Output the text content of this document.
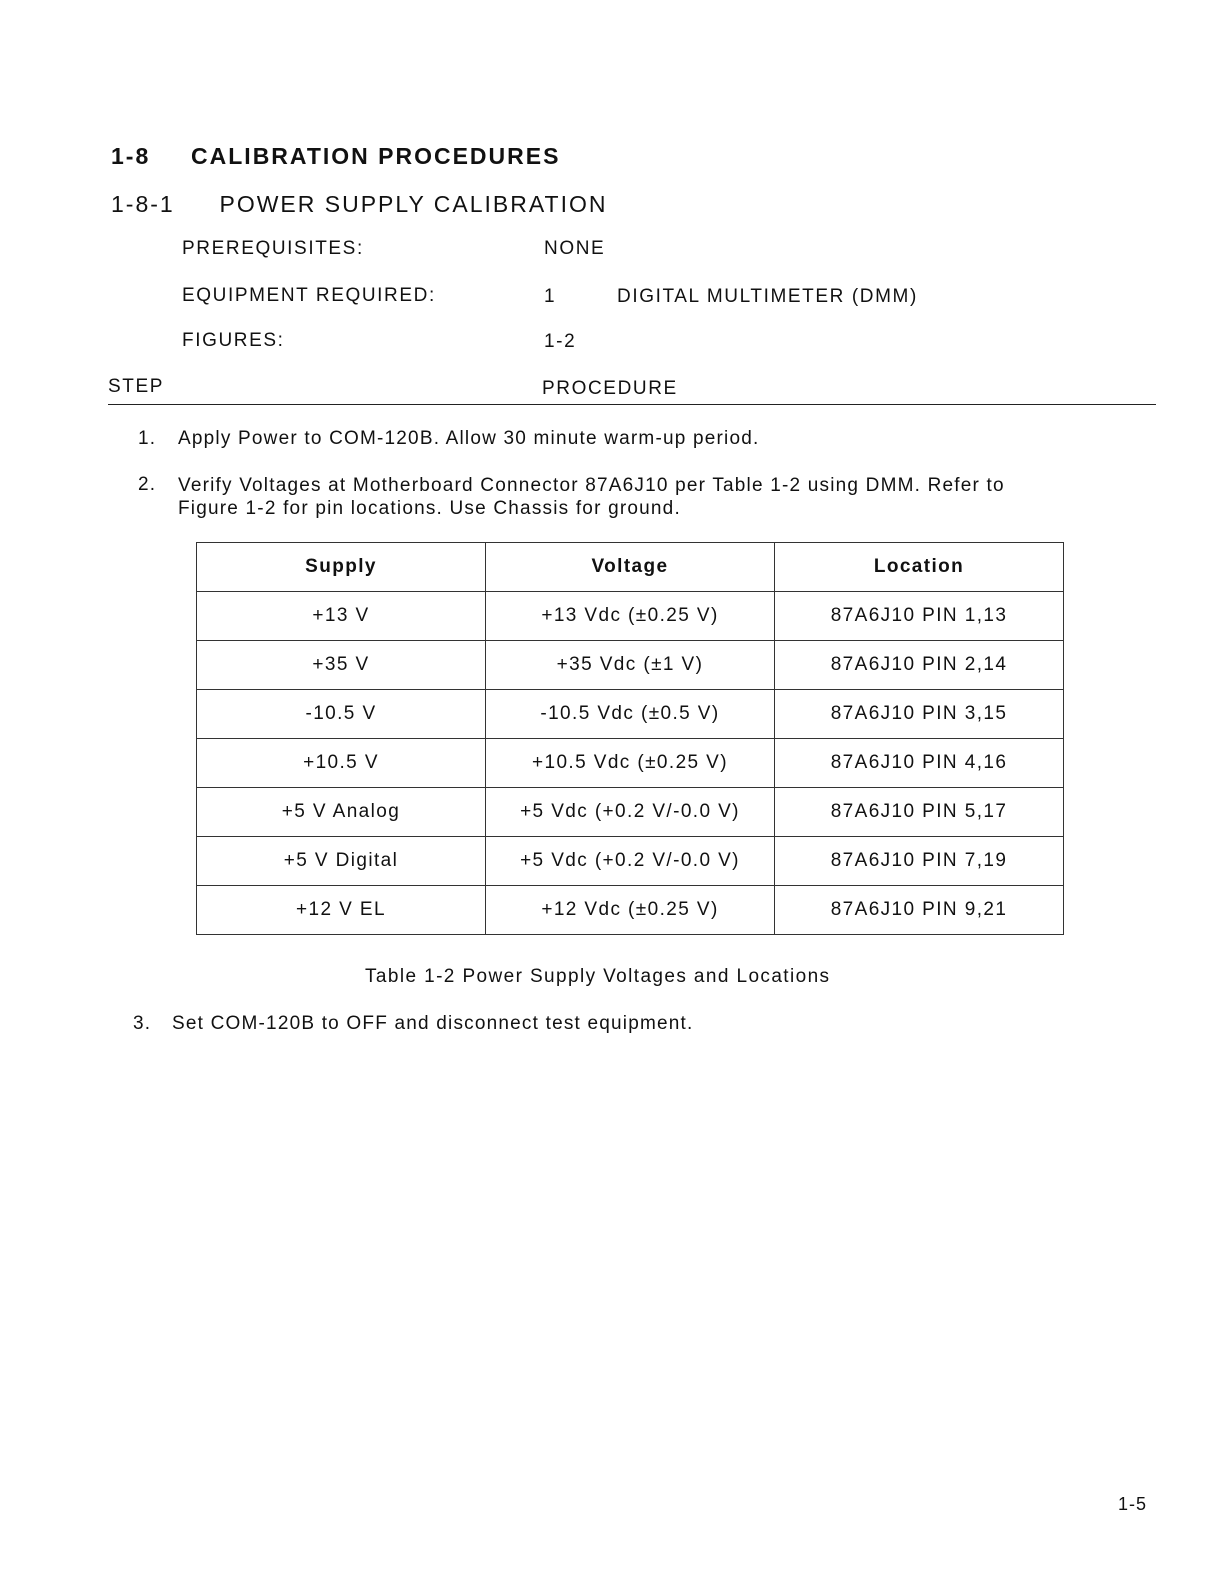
1-8 CALIBRATION PROCEDURES
1-8-1 POWER SUPPLY CALIBRATION
PREREQUISITES:	NONE
EQUIPMENT REQUIRED:	1	DIGITAL MULTIMETER (DMM)
FIGURES:	1-2
STEP	PROCEDURE
1. Apply Power to COM-120B. Allow 30 minute warm-up period.
2. Verify Voltages at Motherboard Connector 87A6J10 per Table 1-2 using DMM. Refer to
Figure 1-2 for pin locations. Use Chassis for ground.
Supply	Voltage	Location
+13 V	+13 Vdc (±0.25 V)	87A6J10 PIN 1,13
+35 V	+35 Vdc (±1 V)	87A6J10 PIN 2,14
-10.5 V	-10.5 Vdc (±0.5 V)	87A6J10 PIN 3,15
+10.5 V	+10.5 Vdc (±0.25 V)	87A6J10 PIN 4,16
+5 V Analog	+5 Vdc (+0.2 V/-0.0 V)	87A6J10 PIN 5,17
+5 V Digital	+5 Vdc (+0.2 V/-0.0 V)	87A6J10 PIN 7,19
+12 V EL	+12 Vdc (±0.25 V)	87A6J10 PIN 9,21
Table 1-2 Power Supply Voltages and Locations
3. Set COM-120B to OFF and disconnect test equipment.
1-5
